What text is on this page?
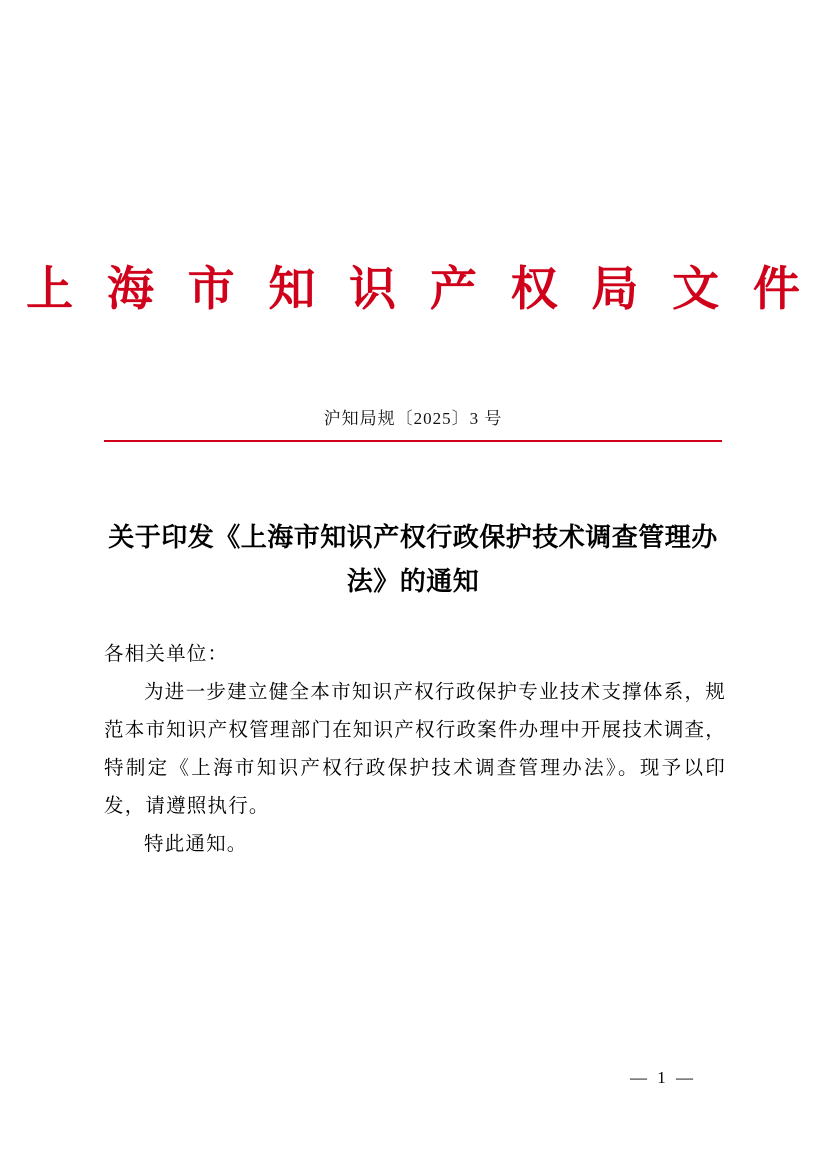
上 海 市 知 识 产 权 局 文 件
沪知局规〔2025〕3 号
关于印发《上海市知识产权行政保护技术调查管理办法》的通知

各相关单位：

为进一步建立健全本市知识产权行政保护专业技术支撑体系，规范本市知识产权管理部门在知识产权行政案件办理中开展技术调查，特制定《上海市知识产权行政保护技术调查管理办法》。现予以印发，请遵照执行。

特此通知。

— 1 —
